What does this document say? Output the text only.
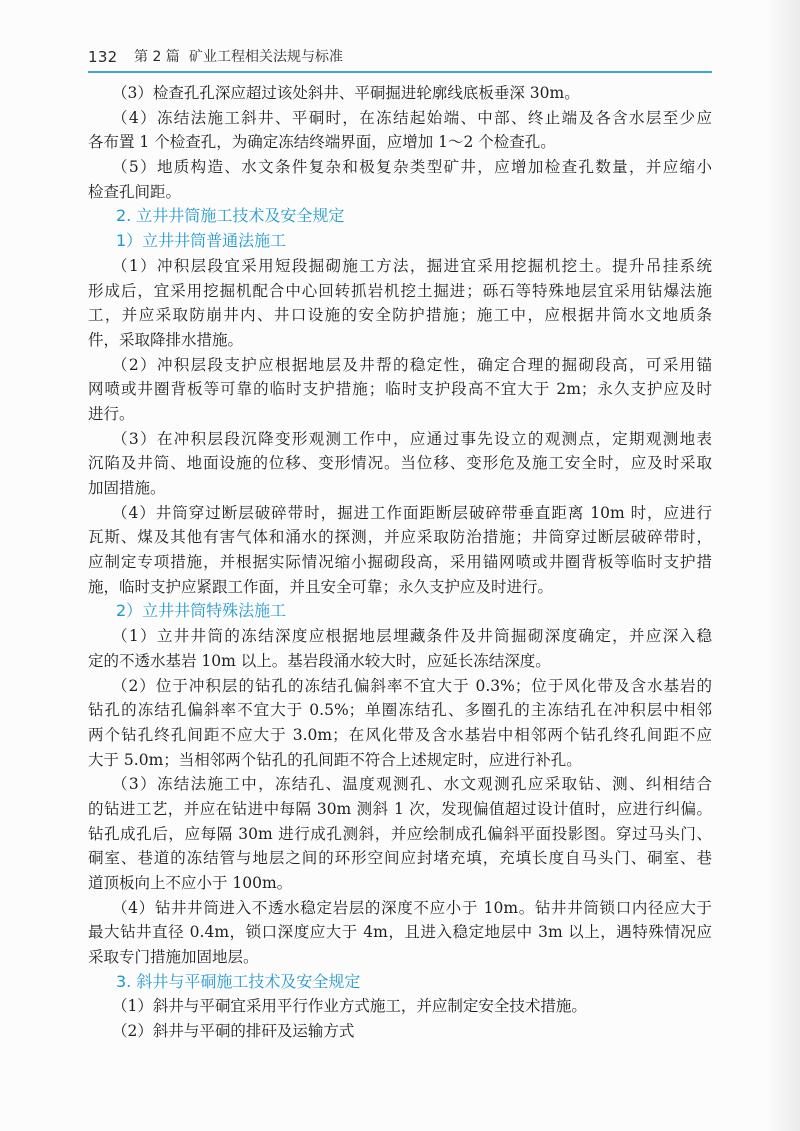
132 第 2 篇 矿业工程相关法规与标准
（3）检查孔孔深应超过该处斜井、平硐掘进轮廓线底板垂深 30m。
（4）冻结法施工斜井、平硐时，在冻结起始端、中部、终止端及各含水层至少应
各布置 1 个检查孔，为确定冻结终端界面，应增加 1～2 个检查孔。
（5）地质构造、水文条件复杂和极复杂类型矿井，应增加检查孔数量，并应缩小
检查孔间距。
2. 立井井筒施工技术及安全规定
1）立井井筒普通法施工
（1）冲积层段宜采用短段掘砌施工方法，掘进宜采用挖掘机挖土。提升吊挂系统
形成后，宜采用挖掘机配合中心回转抓岩机挖土掘进；砾石等特殊地层宜采用钻爆法施
工，并应采取防崩井内、井口设施的安全防护措施；施工中，应根据井筒水文地质条
件，采取降排水措施。
（2）冲积层段支护应根据地层及井帮的稳定性，确定合理的掘砌段高，可采用锚
网喷或井圈背板等可靠的临时支护措施；临时支护段高不宜大于 2m；永久支护应及时
进行。
（3）在冲积层段沉降变形观测工作中，应通过事先设立的观测点，定期观测地表
沉陷及井筒、地面设施的位移、变形情况。当位移、变形危及施工安全时，应及时采取
加固措施。
（4）井筒穿过断层破碎带时，掘进工作面距断层破碎带垂直距离 10m 时，应进行
瓦斯、煤及其他有害气体和涌水的探测，并应采取防治措施；井筒穿过断层破碎带时，
应制定专项措施，并根据实际情况缩小掘砌段高，采用锚网喷或井圈背板等临时支护措
施，临时支护应紧跟工作面，并且安全可靠；永久支护应及时进行。
2）立井井筒特殊法施工
（1）立井井筒的冻结深度应根据地层埋藏条件及井筒掘砌深度确定，并应深入稳
定的不透水基岩 10m 以上。基岩段涌水较大时，应延长冻结深度。
（2）位于冲积层的钻孔的冻结孔偏斜率不宜大于 0.3%；位于风化带及含水基岩的
钻孔的冻结孔偏斜率不宜大于 0.5%；单圈冻结孔、多圈孔的主冻结孔在冲积层中相邻
两个钻孔终孔间距不应大于 3.0m；在风化带及含水基岩中相邻两个钻孔终孔间距不应
大于 5.0m；当相邻两个钻孔的孔间距不符合上述规定时，应进行补孔。
（3）冻结法施工中，冻结孔、温度观测孔、水文观测孔应采取钻、测、纠相结合
的钻进工艺，并应在钻进中每隔 30m 测斜 1 次，发现偏值超过设计值时，应进行纠偏。
钻孔成孔后，应每隔 30m 进行成孔测斜，并应绘制成孔偏斜平面投影图。穿过马头门、
硐室、巷道的冻结管与地层之间的环形空间应封堵充填，充填长度自马头门、硐室、巷
道顶板向上不应小于 100m。
（4）钻井井筒进入不透水稳定岩层的深度不应小于 10m。钻井井筒锁口内径应大于
最大钻井直径 0.4m，锁口深度应大于 4m，且进入稳定地层中 3m 以上，遇特殊情况应
采取专门措施加固地层。
3. 斜井与平硐施工技术及安全规定
（1）斜井与平硐宜采用平行作业方式施工，并应制定安全技术措施。
（2）斜井与平硐的排矸及运输方式
